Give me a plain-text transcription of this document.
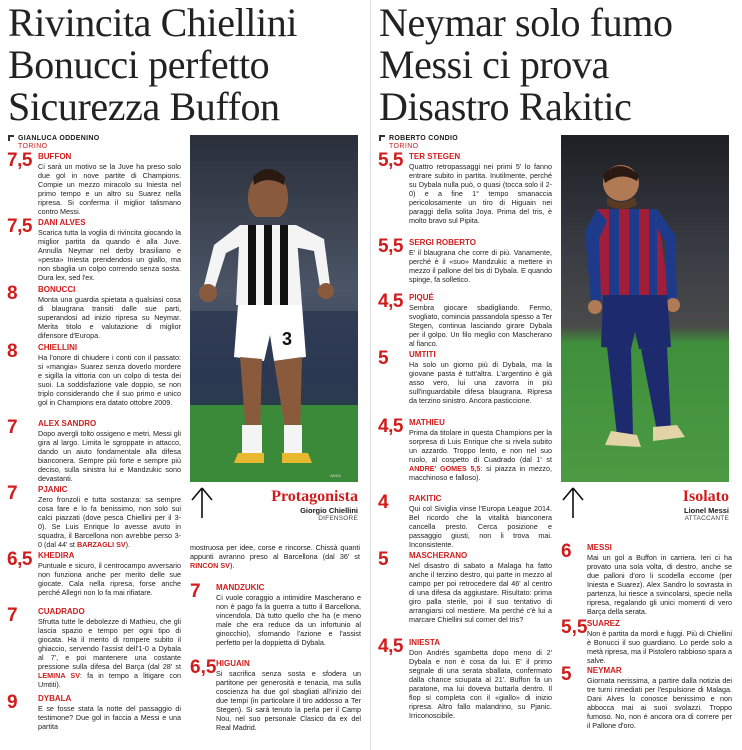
Rivincita Chiellini
Bonucci perfetto
Sicurezza Buffon
GIANLUCA ODDENINO
TORINO
7,5 BUFFON

Ci sarà un motivo se la Juve ha preso solo due gol in nove partite di Champions. Compie un mezzo miracolo su Iniesta nel primo tempo e un altro su Suarez nella ripresa. Si conferma il miglior talismano contro Messi.

7,5 DANI ALVES

Scarica tutta la voglia di rivincita giocando la miglior partita da quando è alla Juve. Annulla Neymar nel derby brasiliano e «pesta» Iniesta prendendosi un giallo, ma non sbaglia un colpo correndo senza sosta. Dura lex, sed l'ex.

8	BONUCCI

Monta una guardia spietata a qualsiasi cosa di blaugrana transiti dalle sue parti, superandosi ad inizio ripresa su Neymar. Merita titolo e valutazione di miglior difensore d'Europa.

8	CHIELLINI

Ha l'onore di chiudere i conti con il passato: si «mangia» Suarez senza doverlo mordere e sigilla la vittoria con un colpo di testa dei suoi. La soddisfazione vale doppio, se non triplo considerando che il suo primo e unico gol in Champions era datato ottobre 2009.

7	ALEX SANDRO

Dopo avergli tolto ossigeno e metri, Messi gli gira al largo. Limita le sgroppate in attacco, dando un aiuto fondamentale alla difesa bianconera. Sempre più forte e sempre più deciso, sulla sinistra lui e Mandzukic sono devastanti.

7	PJANIC

Zero fronzoli e tutta sostanza: sa sempre cosa fare e lo fa benissimo, non solo sui calci piazzati (dove pesca Chiellini per il 3-0). Se Luis Enrique lo avesse avuto in squadra, il Barcellona non avrebbe perso 3-0 (dal 44' st BARZAGLI SV).

6,5 KHEDIRA

Puntuale e sicuro, il centrocampo avversario non funziona anche per merito delle sue giocate. Cala nella ripresa, forse anche perché Allegri non lo fa mai rifiatare.

7	CUADRADO

Sfrutta tutte le debolezze di Mathieu, che gli lascia spazio e tempo per ogni tipo di giocata. Ha il merito di rompere subito il ghiaccio, servendo l'assist dell'1-0 a Dybala al 7', e poi mantenere una costante pressione sulla difesa del Barça (dal 28' st LEMINA SV: fa in tempo a litigare con Umtiti).

9	DYBALA

E se fosse stata la notte del passaggio di testimone? Due gol in faccia a Messi e una partita

3
ANSA
Protagonista
Giorgio Chiellini
DIFENSORE

mostruosa per idee, corse e rincorse. Chissà quanti appunti avranno preso al Barcellona (dal 36' st RINCON SV).

7 MANDZUKIC

Ci vuole coraggio a intimidire Mascherano e non è pago fa la guerra a tutto il Barcellona, vincendola. Dà tutto quello che ha (e meno male che era reduce da un infortunio al ginocchio), sfornando l'azione e l'assist perfetto per la doppietta di Dybala.

6,5 HIGUAIN

Si sacrifica senza sosta e sfodera un partitone per generosità e tenacia, ma sulla coscienza ha due gol sbagliati all'inizio dei due tempi (in particolare il tiro addosso a Ter Stegen). Si sarà tenuto la perla per il Camp Nou, nel suo personale Clasico da ex del Real Madrid.

Neymar solo fumo
Messi ci prova
Disastro Rakitic
ROBERTO CONDIO
TORINO
5,5 TER STEGEN

Quattro retropassaggi nei primi 5' lo fanno entrare subito in partita. Inutilmente, perché su Dybala nulla può, o quasi (tocca solo il 2-0) e a fine 1° tempo smanaccia pericolosamente un tiro di Higuain nei paraggi della solita Joya. Prima del tris, è molto bravo sul Pipita.

5,5 SERGI ROBERTO

E' il blaugrana che corre di più. Vanamente, perché è il «suo» Mandzukic a mettere in mezzo il pallone del bis di Dybala. E quando spinge, fa solletico.

4,5 PIQUÉ

Sembra giocare sbadigliando. Fermo, svogliato, comincia passandola spesso a Ter Stegen, continua lasciando girare Dybala per il golpo. Un filo meglio con Mascherano al fianco.

5	UMTITI

Ha solo un giorno più di Dybala, ma la giovane pasta è tutt'altra. L'argentino è già asso vero, lui una zavorra in più sull'inguardabile difesa blaugrana. Ripresa da terzino sinistro. Ancora pasticcione.

4,5 MATHIEU

Prima da titolare in questa Champions per la sorpresa di Luis Enrique che si rivela subito un azzardo. Troppo lento, e non nel suo ruolo, al cospetto di Cuadrado (dal 1' st ANDRE' GOMES 5,5: si piazza in mezzo, macchinoso e falloso).

4	RAKITIC

Qui col Siviglia vinse l'Europa League 2014. Bel ricordo che la vitalità bianconera cancella presto. Cerca posizione e passaggio giusti, non li trova mai. Inconsistente.

5	MASCHERANO

Nel disastro di sabato a Malaga ha fatto anche il terzino destro, qui parte in mezzo al campo per poi retrocedere dal 46' al centro di una difesa da aggiustare. Risultato: prima giro palla sterile, poi il suo tentativo di arrangiarsi col mestiere. Ma perché c'è lui a marcare Chiellini sul corner del tris?

4,5 INIESTA

Don Andrés sgambetta dopo meno di 2' Dybala e non è cosa da lui. E' il primo segnale di una serata sballata, confermato dalla chance sciupata al 21'. Buffon fa un paratone, ma lui doveva buttarla dentro. Il flop si completa con il «giallo» di inizio ripresa. Altro fallo malandrino, su Pjanic. Irriconoscibile.

Isolato
Lionel Messi
ATTACCANTE
6 MESSI

Mai un gol a Buffon in carriera. Ieri ci ha provato una sola volta, di destro, anche se due palloni d'oro li scodella eccome (per Iniesta e Suarez). Alex Sandro lo sovrasta in partenza, lui riesce a svincolarsi, specie nella ripresa, regalando gli unici momenti di vero Barça della serata.

5,5 SUAREZ

Non è partita da mordi e fuggi. Più di Chiellini è Bonucci il suo guardiano. Lo perde solo a metà ripresa, ma il Pistolero rabbioso spara a salve.

5 NEYMAR

Giornata nerissima, a partire dalla notizia dei tre turni rimediati per l'espulsione di Malaga. Dani Alves lo conosce benissimo e non abbocca mai ai suoi svolazzi. Troppo fumoso. No, non è ancora ora di correre per il Pallone d'oro.
